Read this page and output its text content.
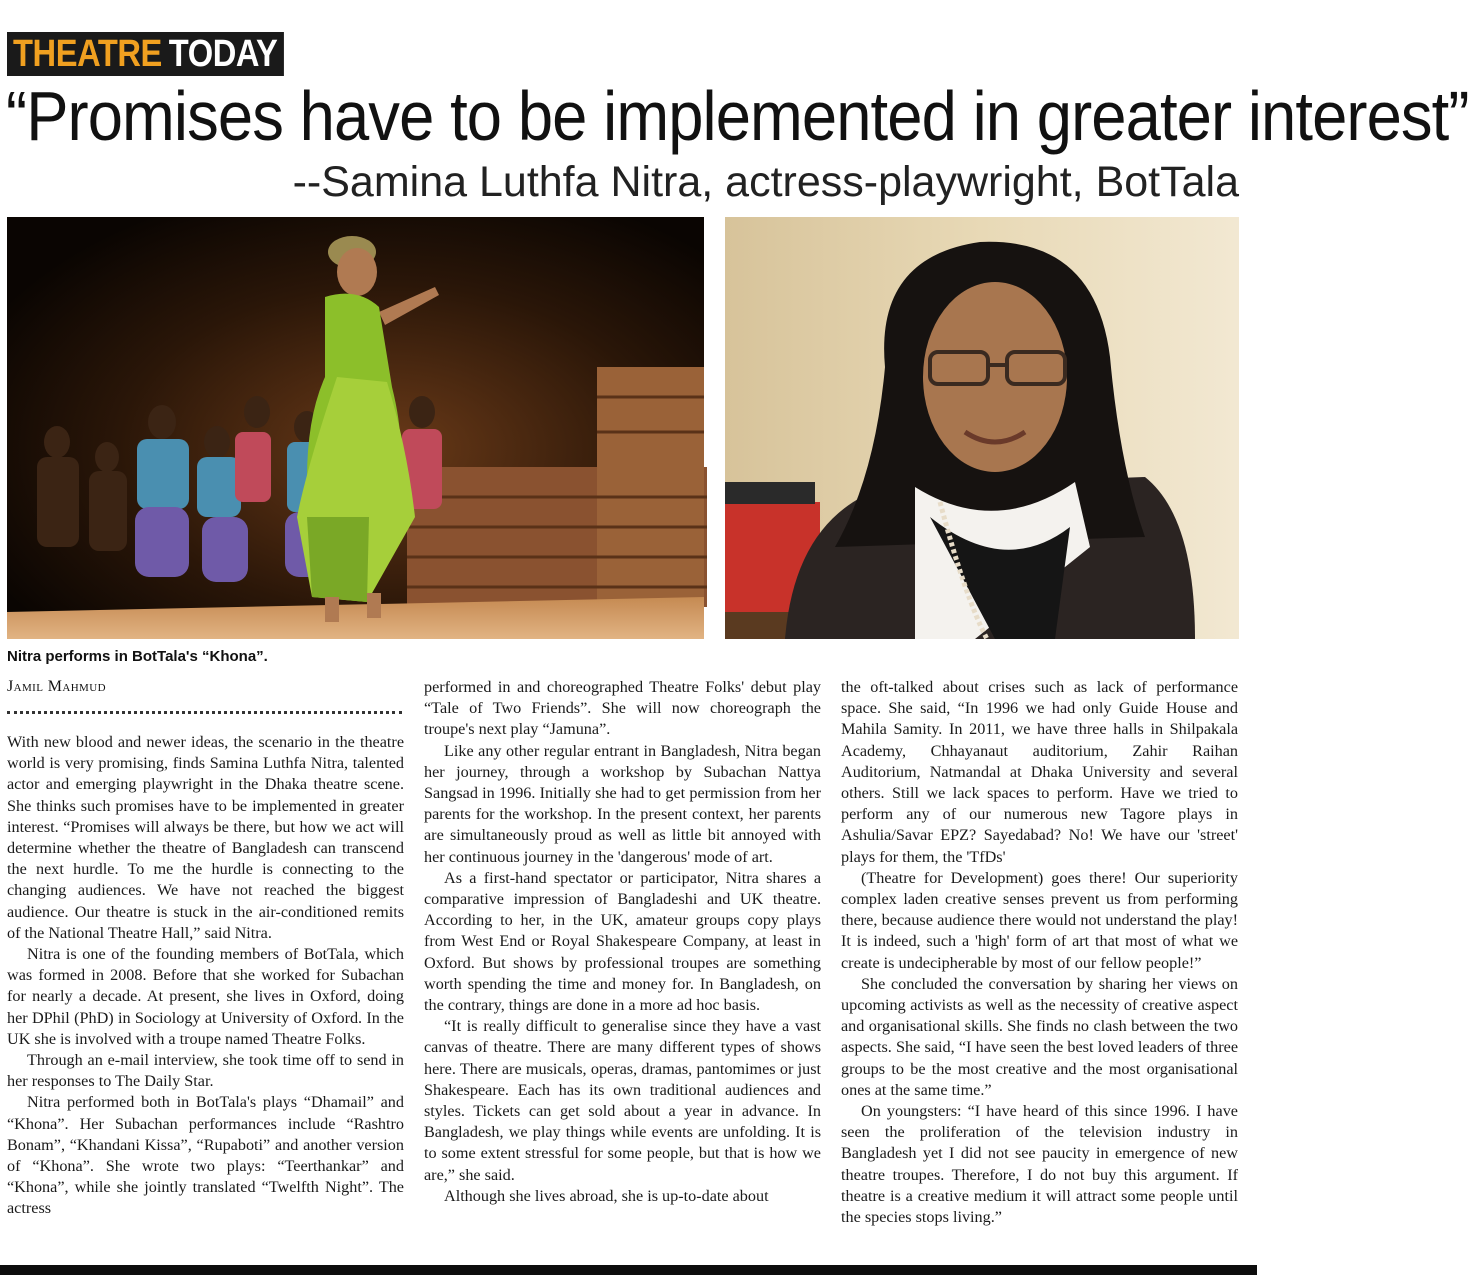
THEATRE TODAY
“Promises have to be implemented in greater interest”
--Samina Luthfa Nitra, actress-playwright, BotTala
Nitra performs in BotTala's “Khona”.
Jamil Mahmud

With new blood and newer ideas, the scenario in the theatre world is very promising, finds Samina Luthfa Nitra, talented actor and emerging playwright in the Dhaka theatre scene. She thinks such promises have to be implemented in greater interest. “Promises will always be there, but how we act will determine whether the theatre of Bangladesh can transcend the next hurdle. To me the hurdle is connecting to the changing audiences. We have not reached the biggest audience. Our theatre is stuck in the air-conditioned remits of the National Theatre Hall,” said Nitra.

Nitra is one of the founding members of BotTala, which was formed in 2008. Before that she worked for Subachan for nearly a decade. At present, she lives in Oxford, doing her DPhil (PhD) in Sociology at University of Oxford. In the UK she is involved with a troupe named Theatre Folks.

Through an e-mail interview, she took time off to send in her responses to The Daily Star.

Nitra performed both in BotTala's plays “Dhamail” and “Khona”. Her Subachan performances include “Rashtro Bonam”, “Khandani Kissa”, “Rupaboti” and another version of “Khona”. She wrote two plays: “Teerthankar” and “Khona”, while she jointly translated “Twelfth Night”. The actress

performed in and choreographed Theatre Folks' debut play “Tale of Two Friends”. She will now choreograph the troupe's next play “Jamuna”.

Like any other regular entrant in Bangladesh, Nitra began her journey, through a workshop by Subachan Nattya Sangsad in 1996. Initially she had to get permission from her parents for the workshop. In the present context, her parents are simultaneously proud as well as little bit annoyed with her continuous journey in the 'dangerous' mode of art.

As a first-hand spectator or participator, Nitra shares a comparative impression of Bangladeshi and UK theatre. According to her, in the UK, amateur groups copy plays from West End or Royal Shakespeare Company, at least in Oxford. But shows by professional troupes are something worth spending the time and money for. In Bangladesh, on the contrary, things are done in a more ad hoc basis.

“It is really difficult to generalise since they have a vast canvas of theatre. There are many different types of shows here. There are musicals, operas, dramas, pantomimes or just Shakespeare. Each has its own traditional audiences and styles. Tickets can get sold about a year in advance. In Bangladesh, we play things while events are unfolding. It is to some extent stressful for some people, but that is how we are,” she said.

Although she lives abroad, she is up-to-date about

the oft-talked about crises such as lack of performance space. She said, “In 1996 we had only Guide House and Mahila Samity. In 2011, we have three halls in Shilpakala Academy, Chhayanaut auditorium, Zahir Raihan Auditorium, Natmandal at Dhaka University and several others. Still we lack spaces to perform. Have we tried to perform any of our numerous new Tagore plays in Ashulia/Savar EPZ? Sayedabad? No! We have our 'street' plays for them, the 'TfDs'

(Theatre for Development) goes there! Our superiority complex laden creative senses prevent us from performing there, because audience there would not understand the play! It is indeed, such a 'high' form of art that most of what we create is undecipherable by most of our fellow people!”

She concluded the conversation by sharing her views on upcoming activists as well as the necessity of creative aspect and organisational skills. She finds no clash between the two aspects. She said, “I have seen the best loved leaders of three groups to be the most creative and the most organisational ones at the same time.”

On youngsters: “I have heard of this since 1996. I have seen the proliferation of the television industry in Bangladesh yet I did not see paucity in emergence of new theatre troupes. Therefore, I do not buy this argument. If theatre is a creative medium it will attract some people until the species stops living.”
